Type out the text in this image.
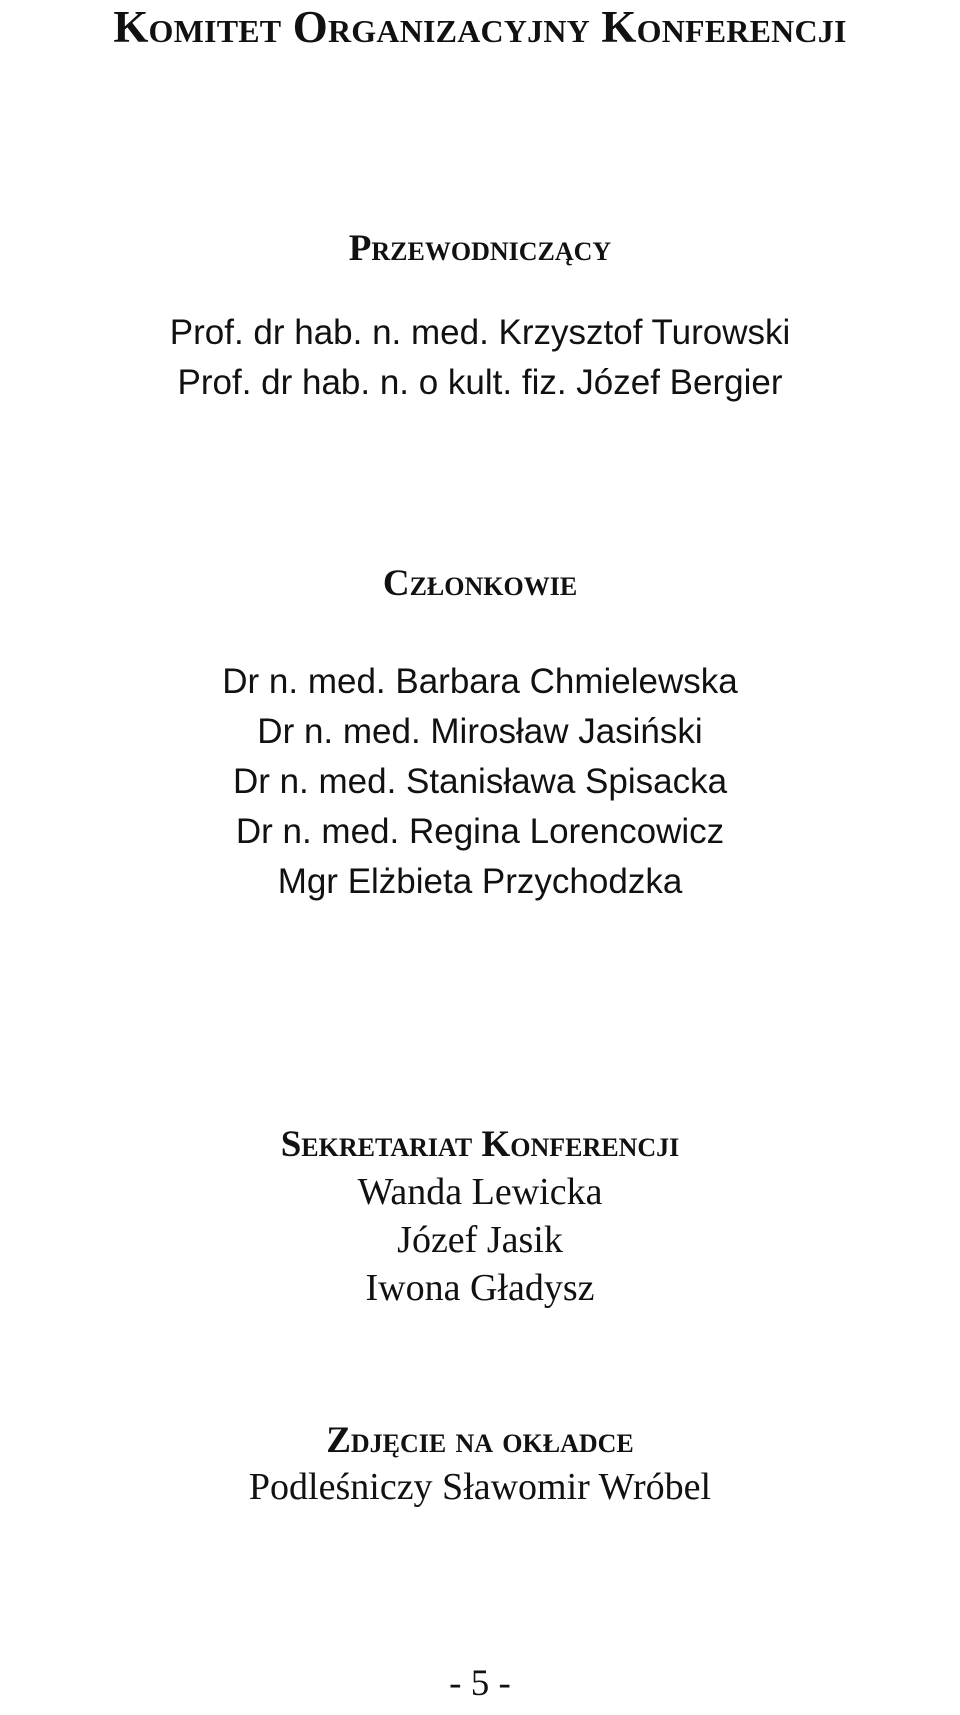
Komitet Organizacyjny Konferencji
Przewodniczący
Prof. dr hab. n. med. Krzysztof Turowski
Prof. dr hab. n. o kult. fiz. Józef Bergier
Członkowie
Dr n. med. Barbara Chmielewska
Dr n. med. Mirosław Jasiński
Dr n. med. Stanisława Spisacka
Dr n. med. Regina Lorencowicz
Mgr Elżbieta Przychodzka
Sekretariat Konferencji
Wanda Lewicka
Józef Jasik
Iwona Gładysz
Zdjęcie na okładce
Podleśniczy Sławomir Wróbel
- 5 -
